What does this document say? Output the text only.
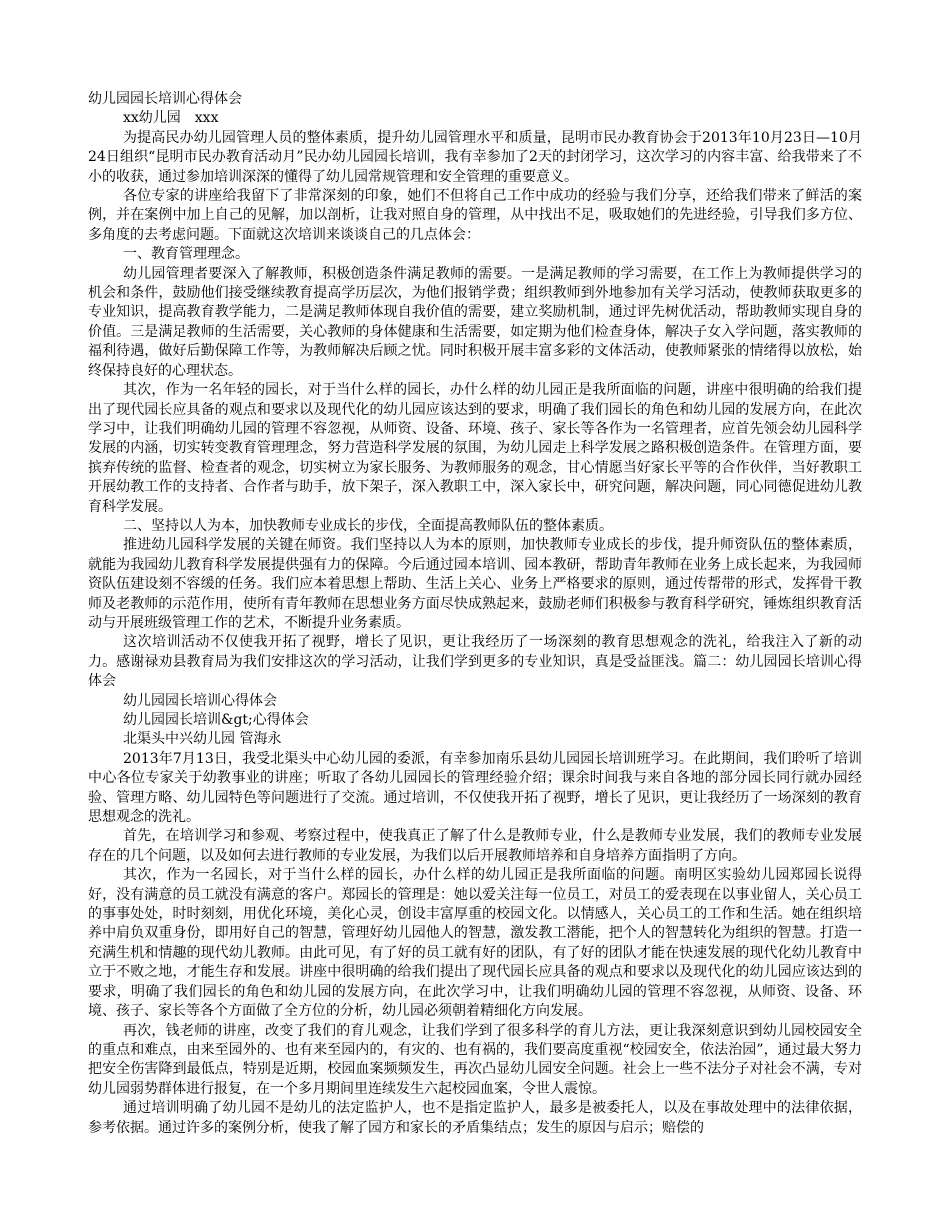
幼儿园园长培训心得体会

xx幼儿园　xxx

为提高民办幼儿园管理人员的整体素质，提升幼儿园管理水平和质量，昆明市民办教育协会于2013年10月23日—10月24日组织“昆明市民办教育活动月”民办幼儿园园长培训，我有幸参加了2天的封闭学习，这次学习的内容丰富、给我带来了不小的收获，通过参加培训深深的懂得了幼儿园常规管理和安全管理的重要意义。

各位专家的讲座给我留下了非常深刻的印象，她们不但将自己工作中成功的经验与我们分享，还给我们带来了鲜活的案例，并在案例中加上自己的见解，加以剖析，让我对照自身的管理，从中找出不足，吸取她们的先进经验，引导我们多方位、多角度的去考虑问题。下面就这次培训来谈谈自己的几点体会：

一、教育管理理念。

幼儿园管理者要深入了解教师，积极创造条件满足教师的需要。一是满足教师的学习需要，在工作上为教师提供学习的机会和条件，鼓励他们接受继续教育提高学历层次，为他们报销学费；组织教师到外地参加有关学习活动，使教师获取更多的专业知识，提高教育教学能力，二是满足教师体现自我价值的需要，建立奖励机制，通过评先树优活动，帮助教师实现自身的价值。三是满足教师的生活需要，关心教师的身体健康和生活需要，如定期为他们检查身体，解决子女入学问题，落实教师的福利待遇，做好后勤保障工作等，为教师解决后顾之忧。同时积极开展丰富多彩的文体活动，使教师紧张的情绪得以放松，始终保持良好的心理状态。

其次，作为一名年轻的园长，对于当什么样的园长，办什么样的幼儿园正是我所面临的问题，讲座中很明确的给我们提出了现代园长应具备的观点和要求以及现代化的幼儿园应该达到的要求，明确了我们园长的角色和幼儿园的发展方向，在此次学习中，让我们明确幼儿园的管理不容忽视，从师资、设备、环境、孩子、家长等各作为一名管理者，应首先领会幼儿园科学发展的内涵，切实转变教育管理理念，努力营造科学发展的氛围，为幼儿园走上科学发展之路积极创造条件。在管理方面，要摈弃传统的监督、检查者的观念，切实树立为家长服务、为教师服务的观念，甘心情愿当好家长平等的合作伙伴，当好教职工开展幼教工作的支持者、合作者与助手，放下架子，深入教职工中，深入家长中，研究问题，解决问题，同心同德促进幼儿教育科学发展。

二、坚持以人为本，加快教师专业成长的步伐，全面提高教师队伍的整体素质。

推进幼儿园科学发展的关键在师资。我们坚持以人为本的原则，加快教师专业成长的步伐，提升师资队伍的整体素质，就能为我园幼儿教育科学发展提供强有力的保障。今后通过园本培训、园本教研，帮助青年教师在业务上成长起来，为我园师资队伍建设刻不容缓的任务。我们应本着思想上帮助、生活上关心、业务上严格要求的原则，通过传帮带的形式，发挥骨干教师及老教师的示范作用，使所有青年教师在思想业务方面尽快成熟起来，鼓励老师们积极参与教育科学研究，锤炼组织教育活动与开展班级管理工作的艺术，不断提升业务素质。

这次培训活动不仅使我开拓了视野，增长了见识，更让我经历了一场深刻的教育思想观念的洗礼，给我注入了新的动力。感谢禄劝县教育局为我们安排这次的学习活动，让我们学到更多的专业知识，真是受益匪浅。篇二：幼儿园园长培训心得体会

幼儿园园长培训心得体会

幼儿园园长培训&gt;心得体会

北渠头中兴幼儿园 管海永

2013年7月13日，我受北渠头中心幼儿园的委派，有幸参加南乐县幼儿园园长培训班学习。在此期间，我们聆听了培训中心各位专家关于幼教事业的讲座；听取了各幼儿园园长的管理经验介绍；课余时间我与来自各地的部分园长同行就办园经验、管理方略、幼儿园特色等问题进行了交流。通过培训，不仅使我开拓了视野，增长了见识，更让我经历了一场深刻的教育思想观念的洗礼。

首先，在培训学习和参观、考察过程中，使我真正了解了什么是教师专业，什么是教师专业发展，我们的教师专业发展存在的几个问题，以及如何去进行教师的专业发展，为我们以后开展教师培养和自身培养方面指明了方向。

其次，作为一名园长，对于当什么样的园长，办什么样的幼儿园正是我所面临的问题。南明区实验幼儿园郑园长说得好，没有满意的员工就没有满意的客户。郑园长的管理是：她以爱关注每一位员工，对员工的爱表现在以事业留人，关心员工的事事处处，时时刻刻，用优化环境，美化心灵，创设丰富厚重的校园文化。以情感人，关心员工的工作和生活。她在组织培养中肩负双重身份，即用好自己的智慧，管理好幼儿园他人的智慧，激发教工潜能，把个人的智慧转化为组织的智慧。打造一充满生机和情趣的现代幼儿教师。由此可见，有了好的员工就有好的团队，有了好的团队才能在快速发展的现代化幼儿教育中立于不败之地，才能生存和发展。讲座中很明确的给我们提出了现代园长应具备的观点和要求以及现代化的幼儿园应该达到的要求，明确了我们园长的角色和幼儿园的发展方向，在此次学习中，让我们明确幼儿园的管理不容忽视，从师资、设备、环境、孩子、家长等各个方面做了全方位的分析，幼儿园必须朝着精细化方向发展。

再次，钱老师的讲座，改变了我们的育儿观念，让我们学到了很多科学的育儿方法，更让我深刻意识到幼儿园校园安全的重点和难点，由来至园外的、也有来至园内的，有灾的、也有祸的，我们要高度重视“校园安全，依法治园”，通过最大努力把安全伤害降到最低点，特别是近期，校园血案频频发生，再次凸显幼儿园安全问题。社会上一些不法分子对社会不满，专对幼儿园弱势群体进行报复，在一个多月期间里连续发生六起校园血案，令世人震惊。

通过培训明确了幼儿园不是幼儿的法定监护人，也不是指定监护人，最多是被委托人，以及在事故处理中的法律依据，参考依据。通过许多的案例分析，使我了解了园方和家长的矛盾集结点；发生的原因与启示；赔偿的
